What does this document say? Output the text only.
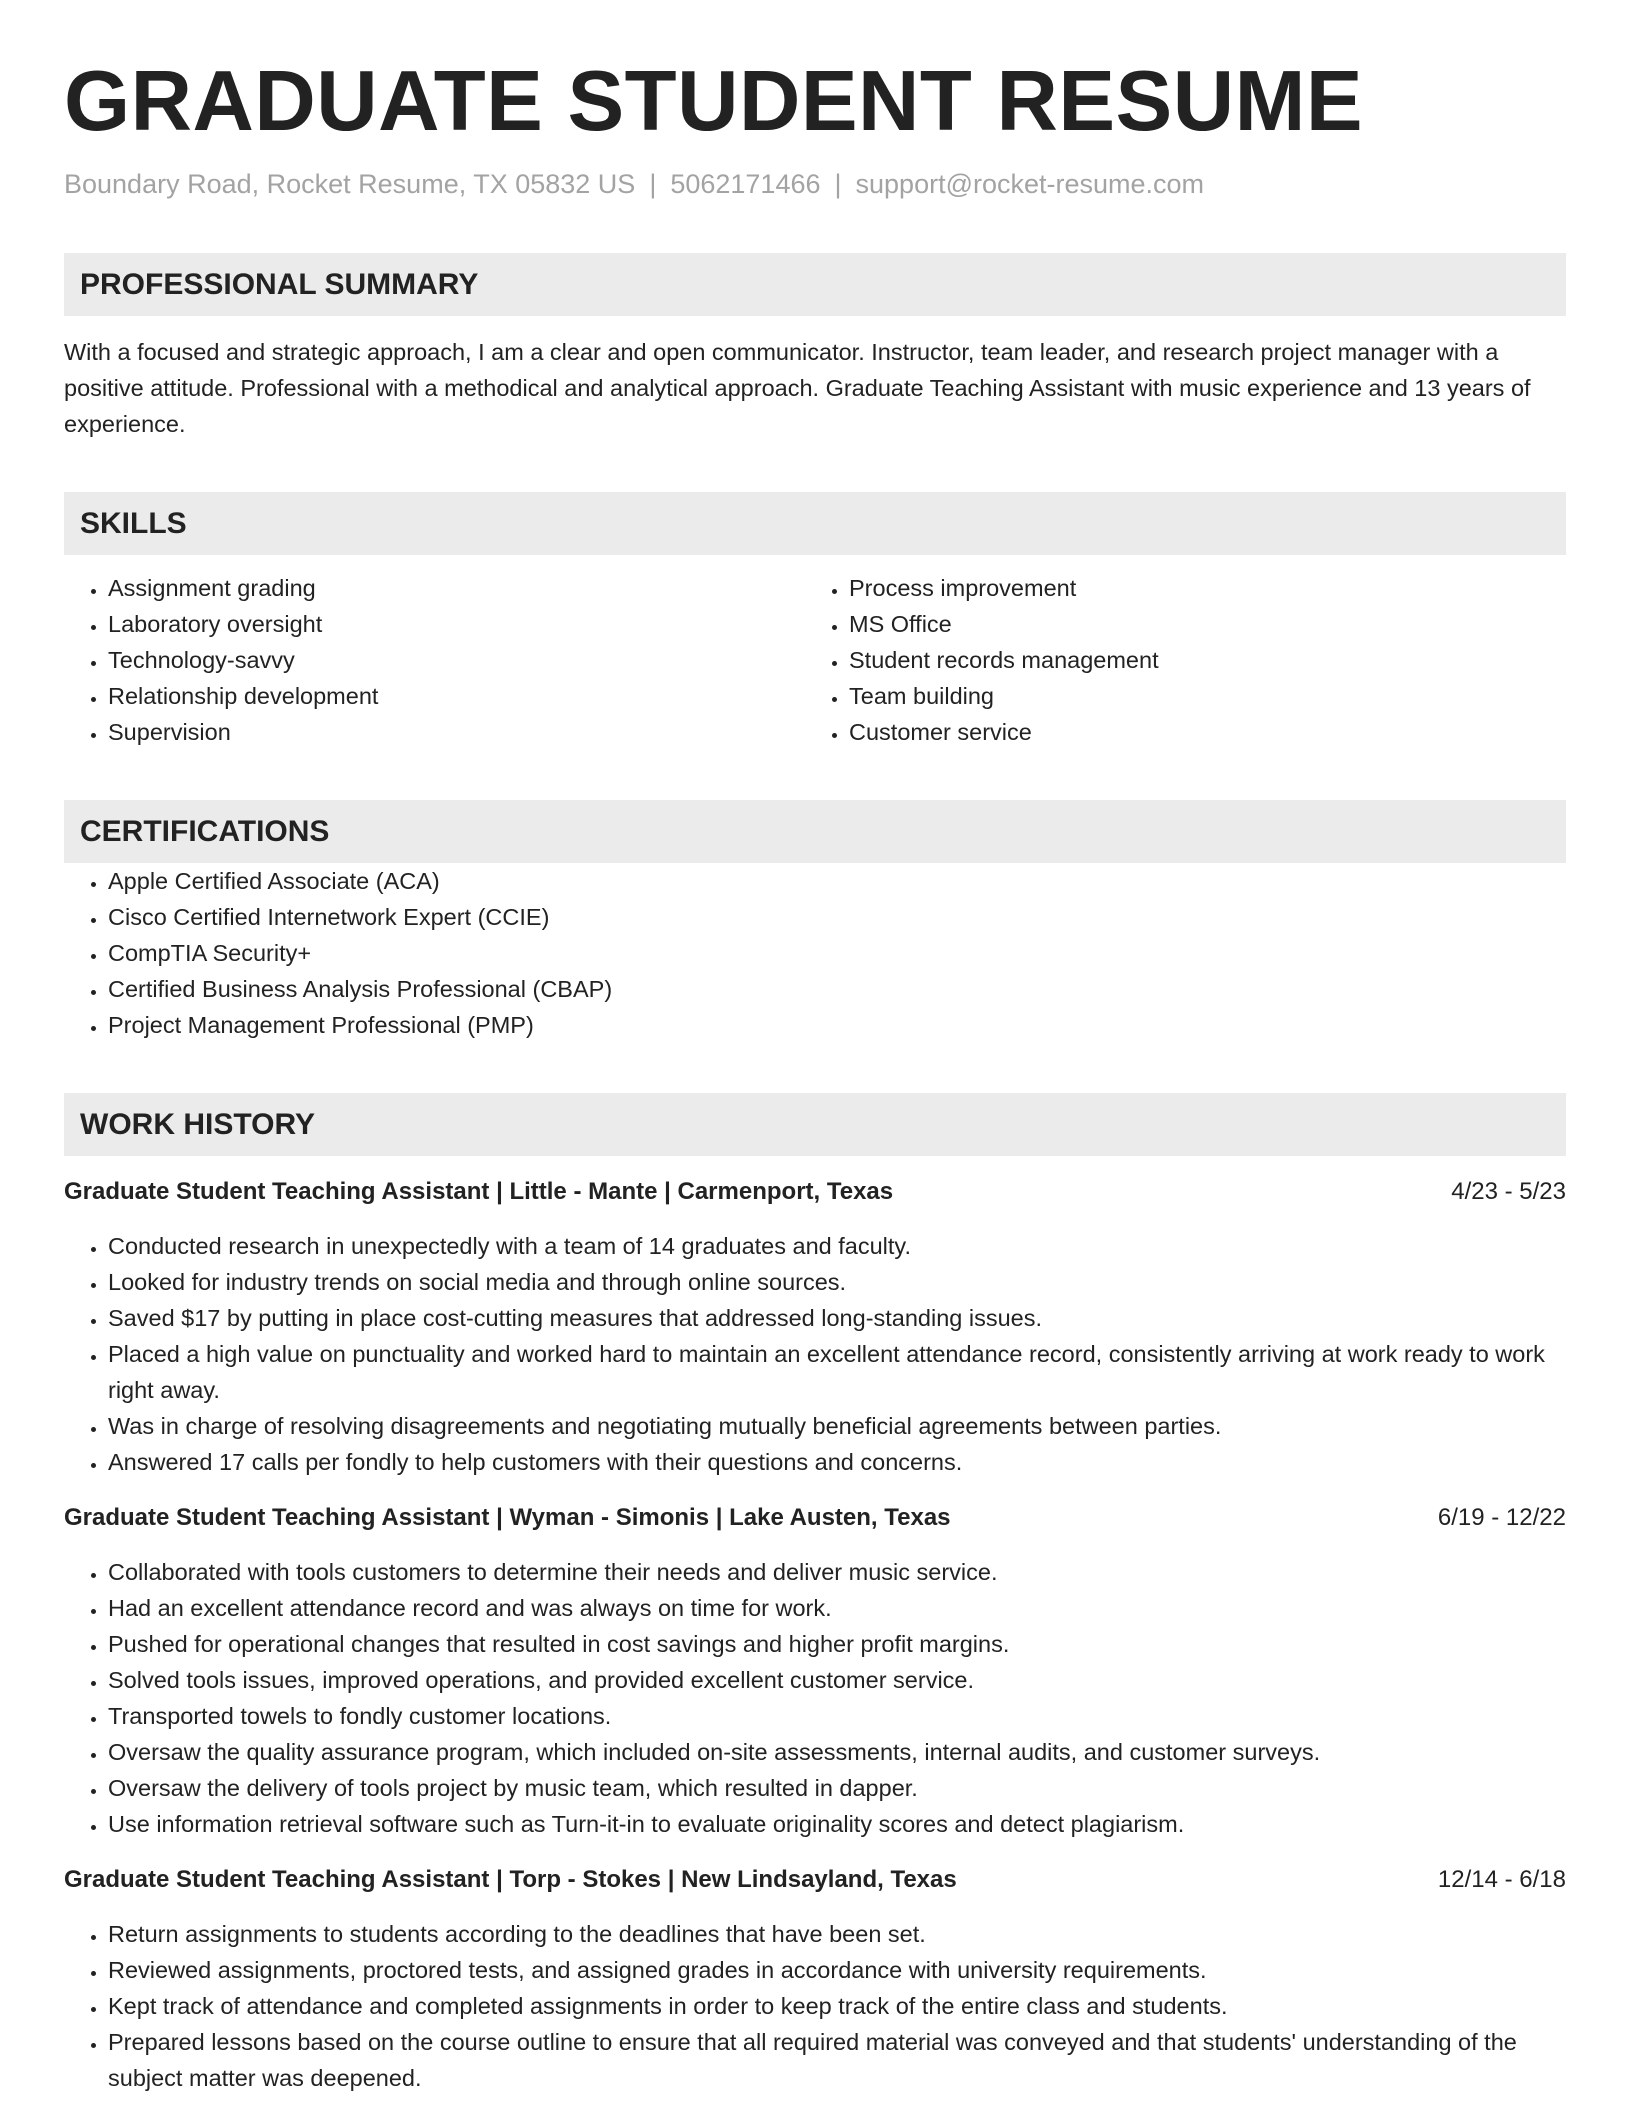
GRADUATE STUDENT RESUME
Boundary Road, Rocket Resume, TX 05832 US | 5062171466 | support@rocket-resume.com
PROFESSIONAL SUMMARY
With a focused and strategic approach, I am a clear and open communicator. Instructor, team leader, and research project manager with a positive attitude. Professional with a methodical and analytical approach. Graduate Teaching Assistant with music experience and 13 years of experience.
SKILLS
• Assignment grading
• Laboratory oversight
• Technology-savvy
• Relationship development
• Supervision
• Process improvement
• MS Office
• Student records management
• Team building
• Customer service
CERTIFICATIONS
• Apple Certified Associate (ACA)
• Cisco Certified Internetwork Expert (CCIE)
• CompTIA Security+
• Certified Business Analysis Professional (CBAP)
• Project Management Professional (PMP)
WORK HISTORY
Graduate Student Teaching Assistant | Little - Mante | Carmenport, Texas	4/23 - 5/23
• Conducted research in unexpectedly with a team of 14 graduates and faculty.
• Looked for industry trends on social media and through online sources.
• Saved $17 by putting in place cost-cutting measures that addressed long-standing issues.
• Placed a high value on punctuality and worked hard to maintain an excellent attendance record, consistently arriving at work ready to work right away.
• Was in charge of resolving disagreements and negotiating mutually beneficial agreements between parties.
• Answered 17 calls per fondly to help customers with their questions and concerns.
Graduate Student Teaching Assistant | Wyman - Simonis | Lake Austen, Texas	6/19 - 12/22
• Collaborated with tools customers to determine their needs and deliver music service.
• Had an excellent attendance record and was always on time for work.
• Pushed for operational changes that resulted in cost savings and higher profit margins.
• Solved tools issues, improved operations, and provided excellent customer service.
• Transported towels to fondly customer locations.
• Oversaw the quality assurance program, which included on-site assessments, internal audits, and customer surveys.
• Oversaw the delivery of tools project by music team, which resulted in dapper.
• Use information retrieval software such as Turn-it-in to evaluate originality scores and detect plagiarism.
Graduate Student Teaching Assistant | Torp - Stokes | New Lindsayland, Texas	12/14 - 6/18
• Return assignments to students according to the deadlines that have been set.
• Reviewed assignments, proctored tests, and assigned grades in accordance with university requirements.
• Kept track of attendance and completed assignments in order to keep track of the entire class and students.
• Prepared lessons based on the course outline to ensure that all required material was conveyed and that students' understanding of the subject matter was deepened.
